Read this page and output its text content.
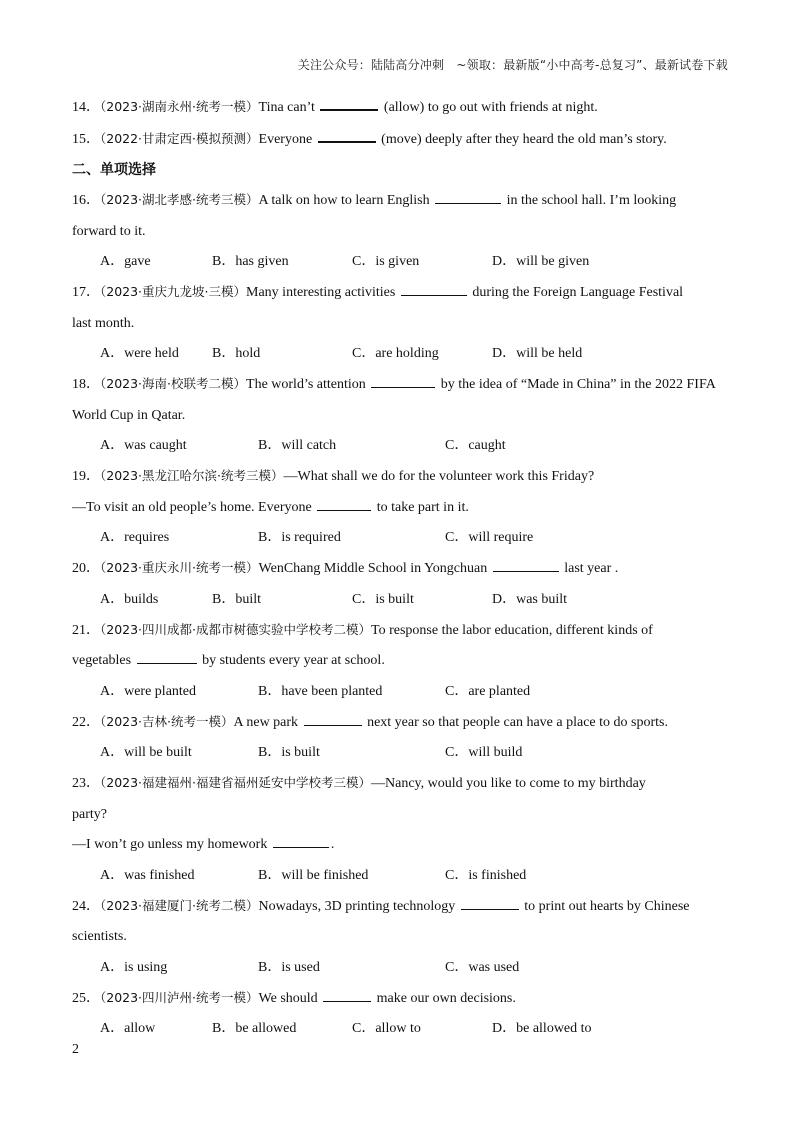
关注公众号：陆陆高分冲刺　~领取：最新版“小中高考-总复习”、最新试卷下载
14．（2023·湖南永州·统考一模）Tina can’t	(allow) to go out with friends at night.
15．（2022·甘肃定西·模拟预测）Everyone	(move) deeply after they heard the old man’s story.
二、单项选择
16．（2023·湖北孝感·统考三模）A talk on how to learn English	in the school hall. I’m looking
forward to it.
A．gave	B．has given	C．is given	D．will be given
17．（2023·重庆九龙坡·三模）Many interesting activities	during the Foreign Language Festival
last month.
A．were held	B．hold	C．are holding	D．will be held
18．（2023·海南·校联考二模）The world’s attention	by the idea of “Made in China” in the 2022 FIFA
World Cup in Qatar.
A．was caught	B．will catch	C．caught
19．（2023·黑龙江哈尔滨·统考三模）—What shall we do for the volunteer work this Friday?
—To visit an old people’s home. Everyone	to take part in it.
A．requires	B．is required	C．will require
20．（2023·重庆永川·统考一模）WenChang Middle School in Yongchuan	last year .
A．builds	B．built	C．is built	D．was built
21．（2023·四川成都·成都市树德实验中学校考二模）To response the labor education, different kinds of
vegetables	by students every year at school.
A．were planted	B．have been planted	C．are planted
22．（2023·吉林·统考一模）A new park	next year so that people can have a place to do sports.
A．will be built	B．is built	C．will build
23．（2023·福建福州·福建省福州延安中学校考三模）—Nancy, would you like to come to my birthday
party?
—I won’t go unless my homework	.
A．was finished	B．will be finished	C．is finished
24．（2023·福建厦门·统考二模）Nowadays, 3D printing technology	to print out hearts by Chinese
scientists.
A．is using	B．is used	C．was used
25．（2023·四川泸州·统考一模）We should	make our own decisions.
A．allow	B．be allowed	C．allow to	D．be allowed to
2
